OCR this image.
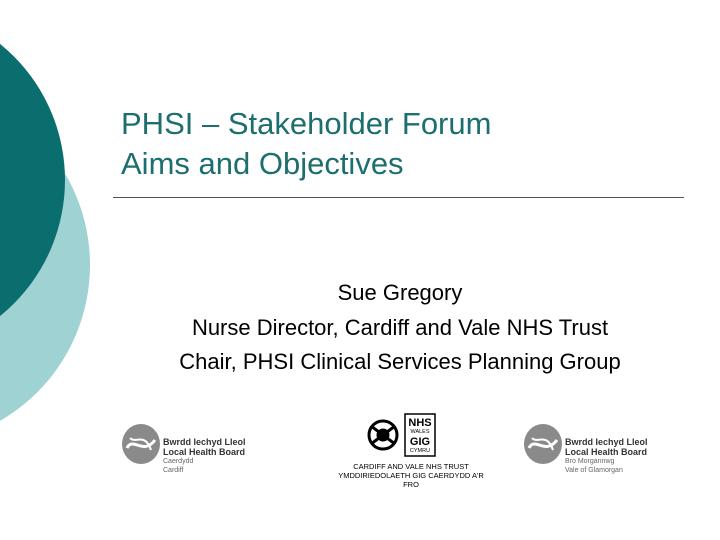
PHSI – Stakeholder Forum
Aims and Objectives
Sue Gregory
Nurse Director, Cardiff and Vale NHS Trust
Chair, PHSI Clinical Services Planning Group
Bwrdd Iechyd Lleol
Local Health Board
Caerdydd
Cardiff
NHS
WALES
GIG
CYMRU
CARDIFF AND VALE NHS TRUST
YMDDIRIEDOLAETH GIG CAERDYDD A'R
FRO
Bwrdd Iechyd Lleol
Local Health Board
Bro Morgannwg
Vale of Glamorgan
